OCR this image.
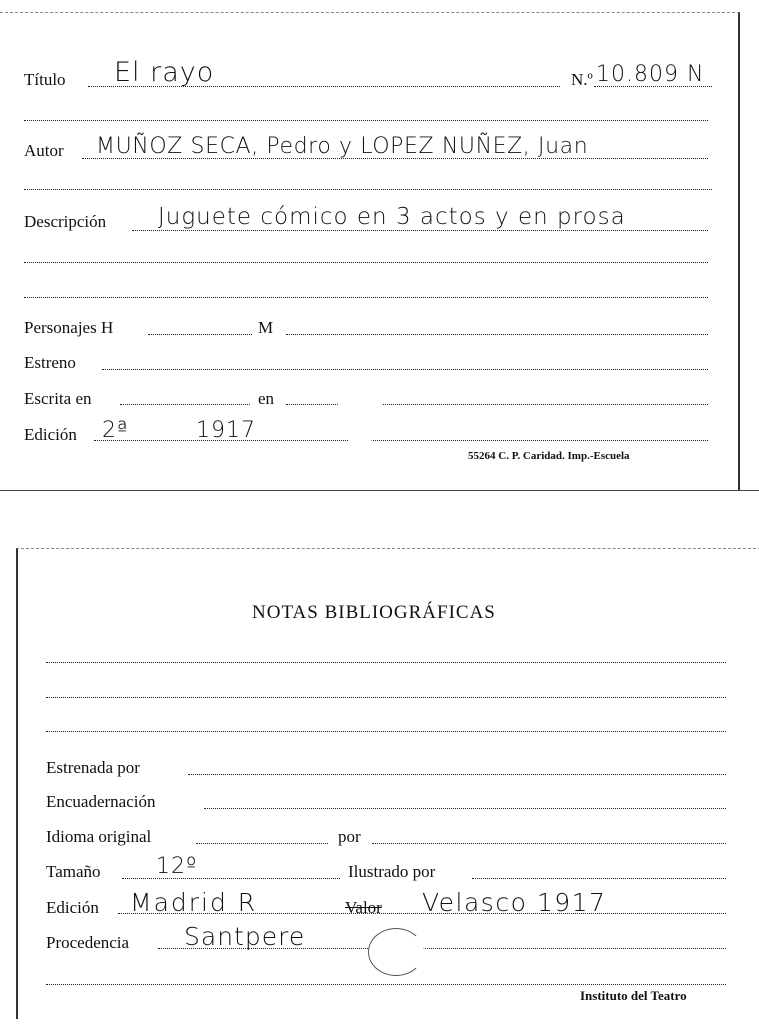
Título El rayo	N.º 10.809 N
Autor MUÑOZ SECA, Pedro y LOPEZ NUÑEZ, Juan
Descripción Juguete cómico en 3 actos y en prosa
Personajes H	M
Estreno
Escrita en	en
Edición 2ª	1917
55264 C. P. Caridad. Imp.-Escuela
NOTAS BIBLIOGRÁFICAS
Estrenada por
Encuadernación
Idioma original	por
Tamaño	12º	Ilustrado por
Edición Madrid R	Valor Velasco 1917
Procedencia Santpere
Instituto del Teatro
